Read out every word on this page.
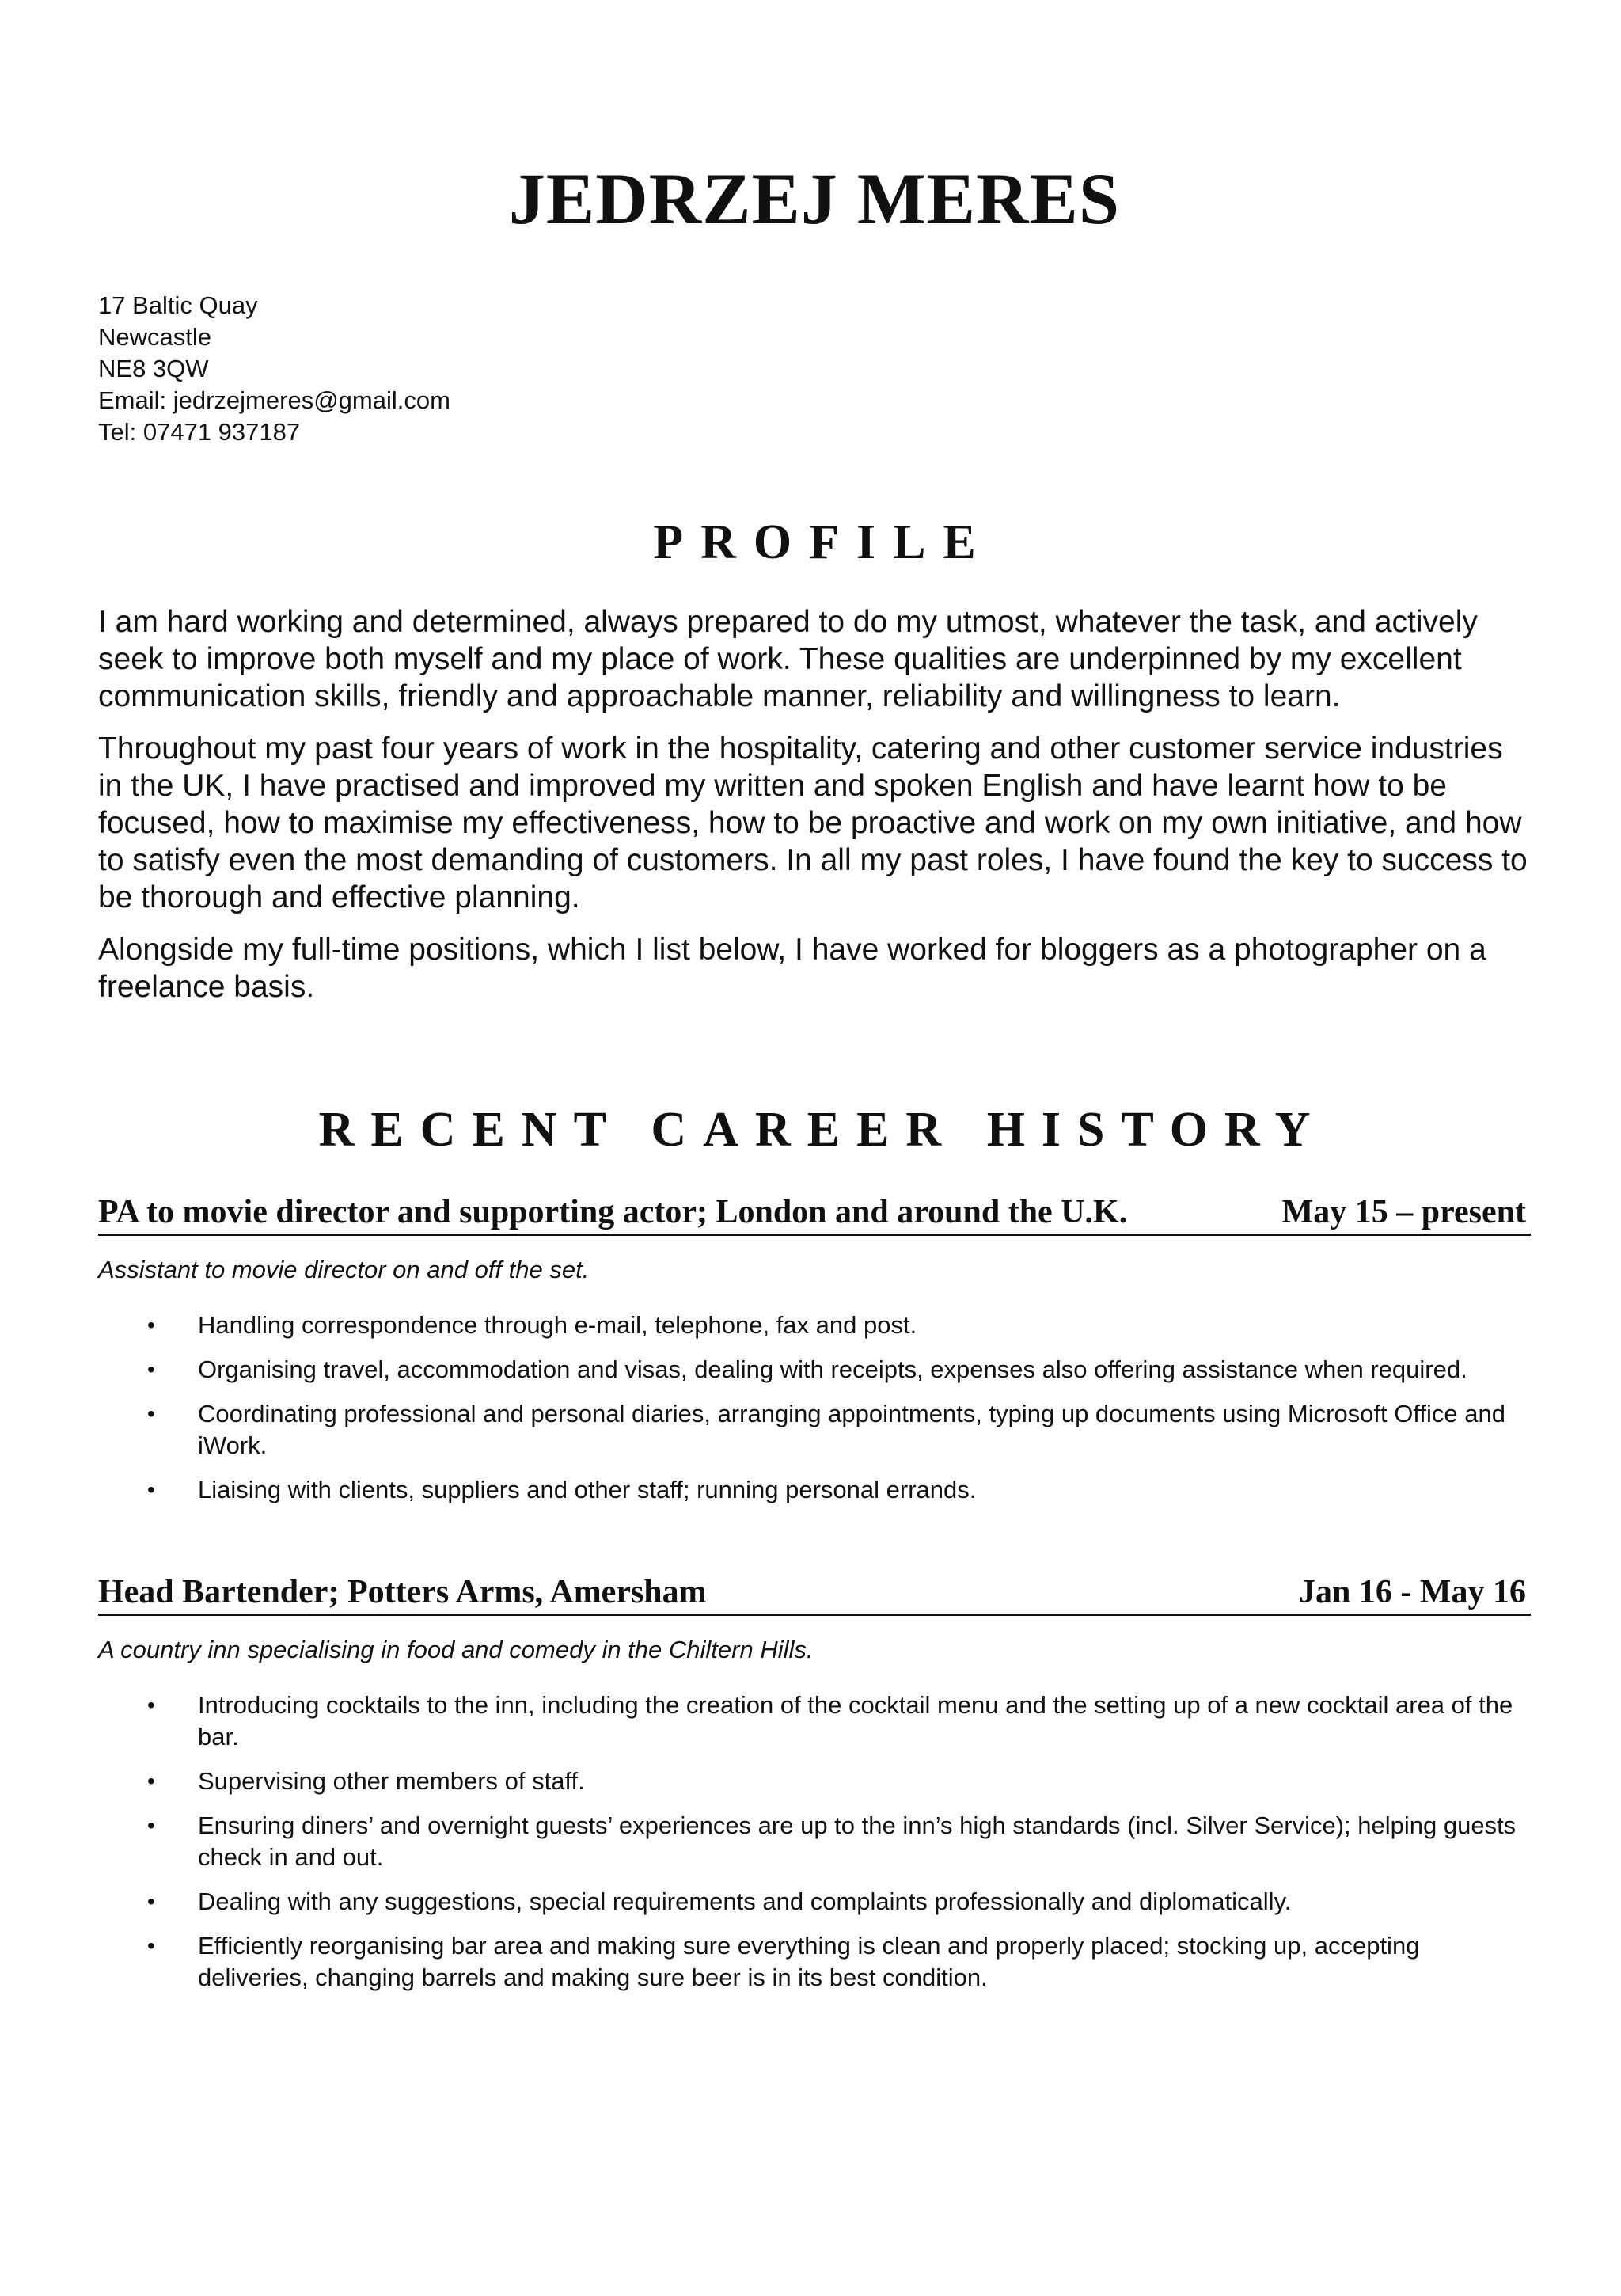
JEDRZEJ MERES
17 Baltic Quay
Newcastle
NE8 3QW
Email: jedrzejmeres@gmail.com
Tel: 07471 937187
PROFILE

I am hard working and determined, always prepared to do my utmost, whatever the task, and actively seek to improve both myself and my place of work. These qualities are underpinned by my excellent communication skills, friendly and approachable manner, reliability and willingness to learn.

Throughout my past four years of work in the hospitality, catering and other customer service industries in the UK, I have practised and improved my written and spoken English and have learnt how to be focused, how to maximise my effectiveness, how to be proactive and work on my own initiative, and how to satisfy even the most demanding of customers. In all my past roles, I have found the key to success to be thorough and effective planning.

Alongside my full-time positions, which I list below, I have worked for bloggers as a photographer on a freelance basis.

RECENT CAREER HISTORY
PA to movie director and supporting actor; London and around the U.K.	May 15 – present
Assistant to movie director on and off the set.
• Handling correspondence through e-mail, telephone, fax and post.
• Organising travel, accommodation and visas, dealing with receipts, expenses also offering assistance when required.
• Coordinating professional and personal diaries, arranging appointments, typing up documents using Microsoft Office and iWork.
• Liaising with clients, suppliers and other staff; running personal errands.
Head Bartender; Potters Arms, Amersham	Jan 16 - May 16
A country inn specialising in food and comedy in the Chiltern Hills.
• Introducing cocktails to the inn, including the creation of the cocktail menu and the setting up of a new cocktail area of the bar.
• Supervising other members of staff.
• Ensuring diners’ and overnight guests’ experiences are up to the inn’s high standards (incl. Silver Service); helping guests check in and out.
• Dealing with any suggestions, special requirements and complaints professionally and diplomatically.
• Efficiently reorganising bar area and making sure everything is clean and properly placed; stocking up, accepting deliveries, changing barrels and making sure beer is in its best condition.
